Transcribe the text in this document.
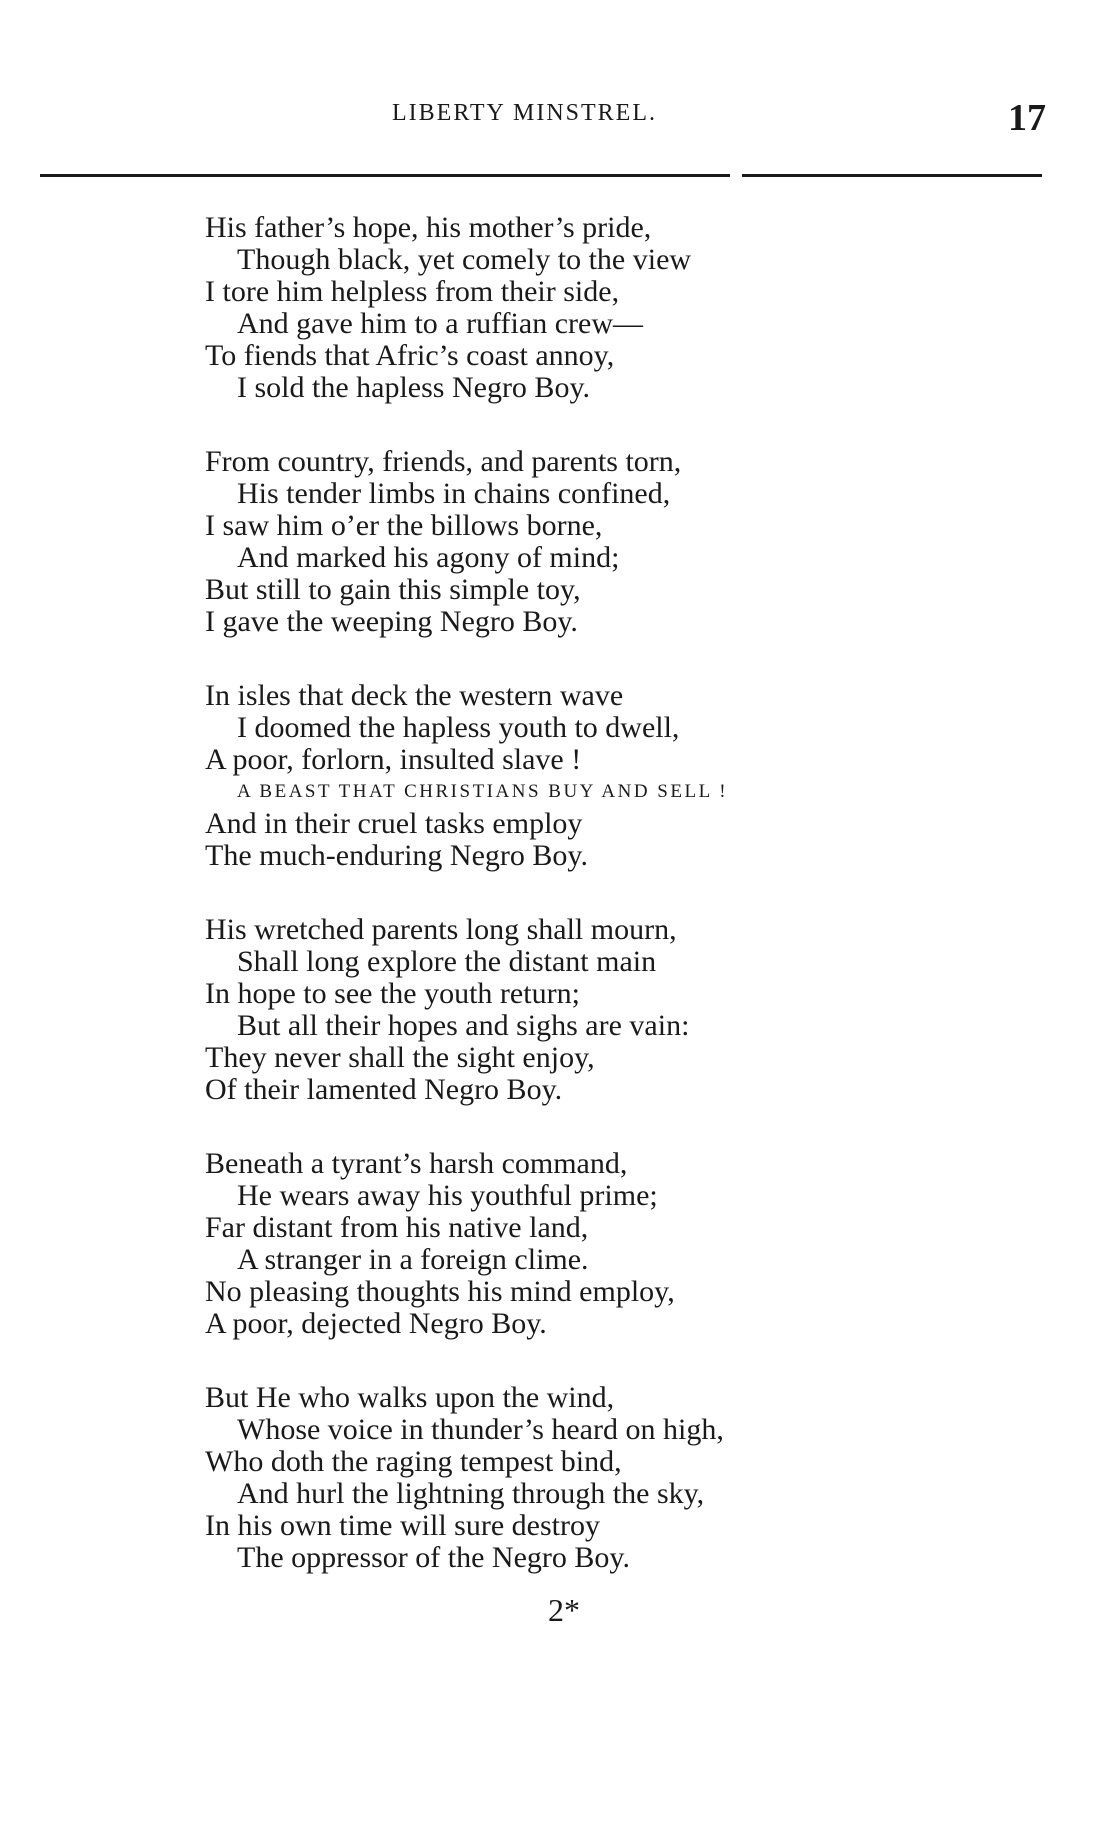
LIBERTY MINSTREL.	17
His father’s hope, his mother’s pride,
Though black, yet comely to the view
I tore him helpless from their side,
And gave him to a ruffian crew—
To fiends that Afric’s coast annoy,
I sold the hapless Negro Boy.
From country, friends, and parents torn,
His tender limbs in chains confined,
I saw him o’er the billows borne,
And marked his agony of mind;
But still to gain this simple toy,
I gave the weeping Negro Boy.
In isles that deck the western wave
I doomed the hapless youth to dwell,
A poor, forlorn, insulted slave !
A BEAST THAT CHRISTIANS BUY AND SELL !
And in their cruel tasks employ
The much-enduring Negro Boy.
His wretched parents long shall mourn,
Shall long explore the distant main
In hope to see the youth return;
But all their hopes and sighs are vain:
They never shall the sight enjoy,
Of their lamented Negro Boy.
Beneath a tyrant’s harsh command,
He wears away his youthful prime;
Far distant from his native land,
A stranger in a foreign clime.
No pleasing thoughts his mind employ,
A poor, dejected Negro Boy.
But He who walks upon the wind,
Whose voice in thunder’s heard on high,
Who doth the raging tempest bind,
And hurl the lightning through the sky,
In his own time will sure destroy
The oppressor of the Negro Boy.
2*
